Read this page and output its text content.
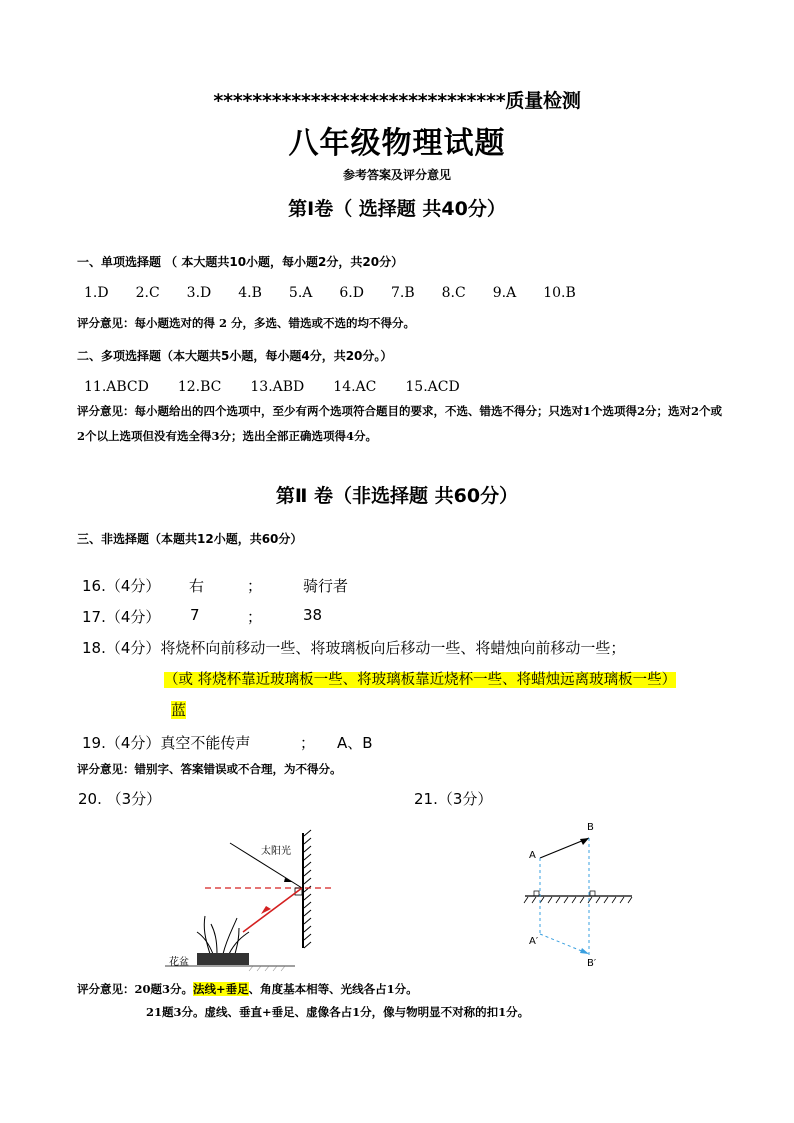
******************************质量检测
八年级物理试题
参考答案及评分意见
第Ⅰ卷（ 选择题 共40分）
一、单项选择题 （ 本大题共10小题，每小题2分，共20分）
1.D 2.C 3.D 4.B 5.A 6.D 7.B 8.C 9.A 10.B
评分意见：每小题选对的得 2 分，多选、错选或不选的均不得分。
二、多项选择题（本大题共5小题，每小题4分，共20分。）
11.ABCD 12.BC 13.ABD 14.AC 15.ACD
评分意见：每小题给出的四个选项中，至少有两个选项符合题目的要求，不选、错选不得分；只选对1个选项得2分；选对2个或2个以上选项但没有选全得3分；选出全部正确选项得4分。
第Ⅱ 卷（非选择题 共60分）
三、非选择题（本题共12小题，共60分）
16.（4分） 右	；	骑行者
17.（4分） 7	；	38
18.（4分）将烧杯向前移动一些、将玻璃板向后移动一些、将蜡烛向前移动一些；
（或 将烧杯靠近玻璃板一些、将玻璃板靠近烧杯一些、将蜡烛远离玻璃板一些）
蓝
19.（4分）真空不能传声	； A、B
评分意见：错别字、答案错误或不合理，为不得分。
20. （3分）	21.（3分）
太阳光
花盆
A
B
A′
B′
评分意见：20题3分。法线+垂足、角度基本相等、光线各占1分。
21题3分。虚线、垂直+垂足、虚像各占1分，像与物明显不对称的扣1分。
